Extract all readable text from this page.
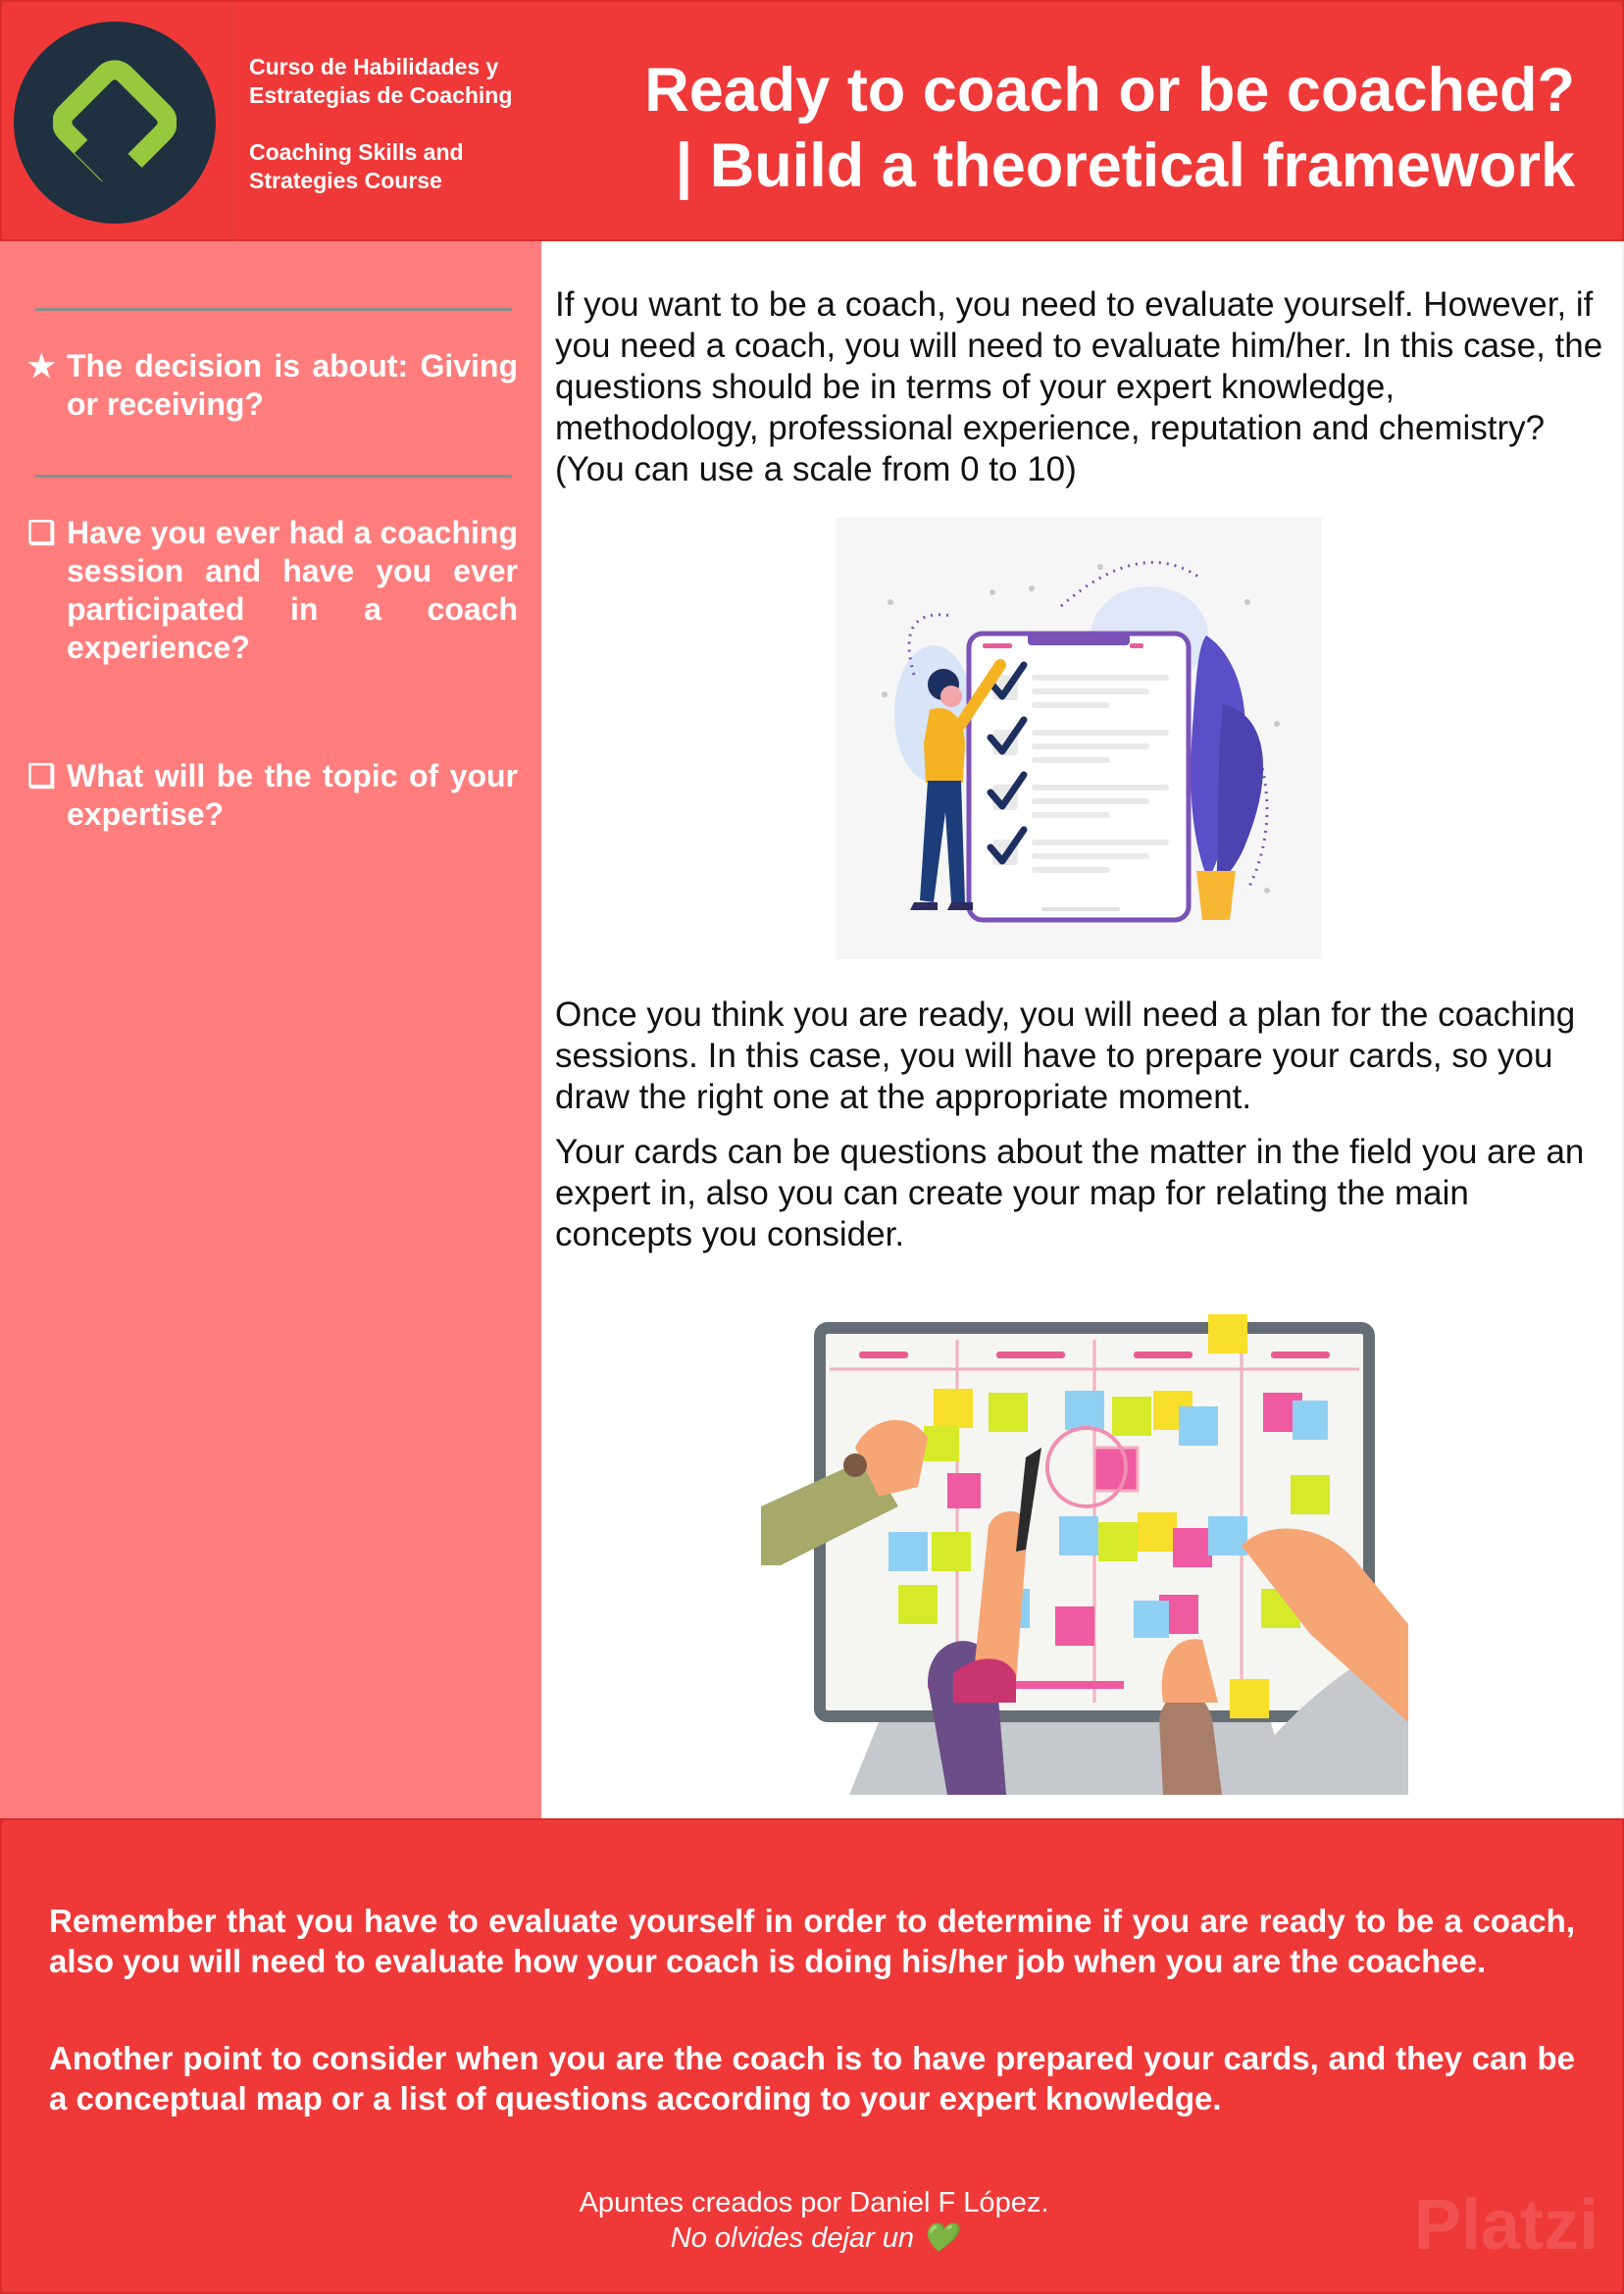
Curso de Habilidades y Estrategias de Coaching
Coaching Skills and Strategies Course
Ready to coach or be coached?
| Build a theoretical framework
★ The decision is about: Giving or receiving?
❏ Have you ever had a coaching session and have you ever participated in a coach experience?
❏ What will be the topic of your expertise?

If you want to be a coach, you need to evaluate yourself. However, if you need a coach, you will need to evaluate him/her. In this case, the questions should be in terms of your expert knowledge, methodology, professional experience, reputation and chemistry? (You can use a scale from 0 to 10)

Once you think you are ready, you will need a plan for the coaching sessions. In this case, you will have to prepare your cards, so you draw the right one at the appropriate moment.

Your cards can be questions about the matter in the field you are an expert in, also you can create your map for relating the main concepts you consider.

Remember that you have to evaluate yourself in order to determine if you are ready to be a coach, also you will need to evaluate how your coach is doing his/her job when you are the coachee.

Another point to consider when you are the coach is to have prepared your cards, and they can be a conceptual map or a list of questions according to your expert knowledge.

Apuntes creados por Daniel F López.
No olvides dejar un 💚	Platzi
